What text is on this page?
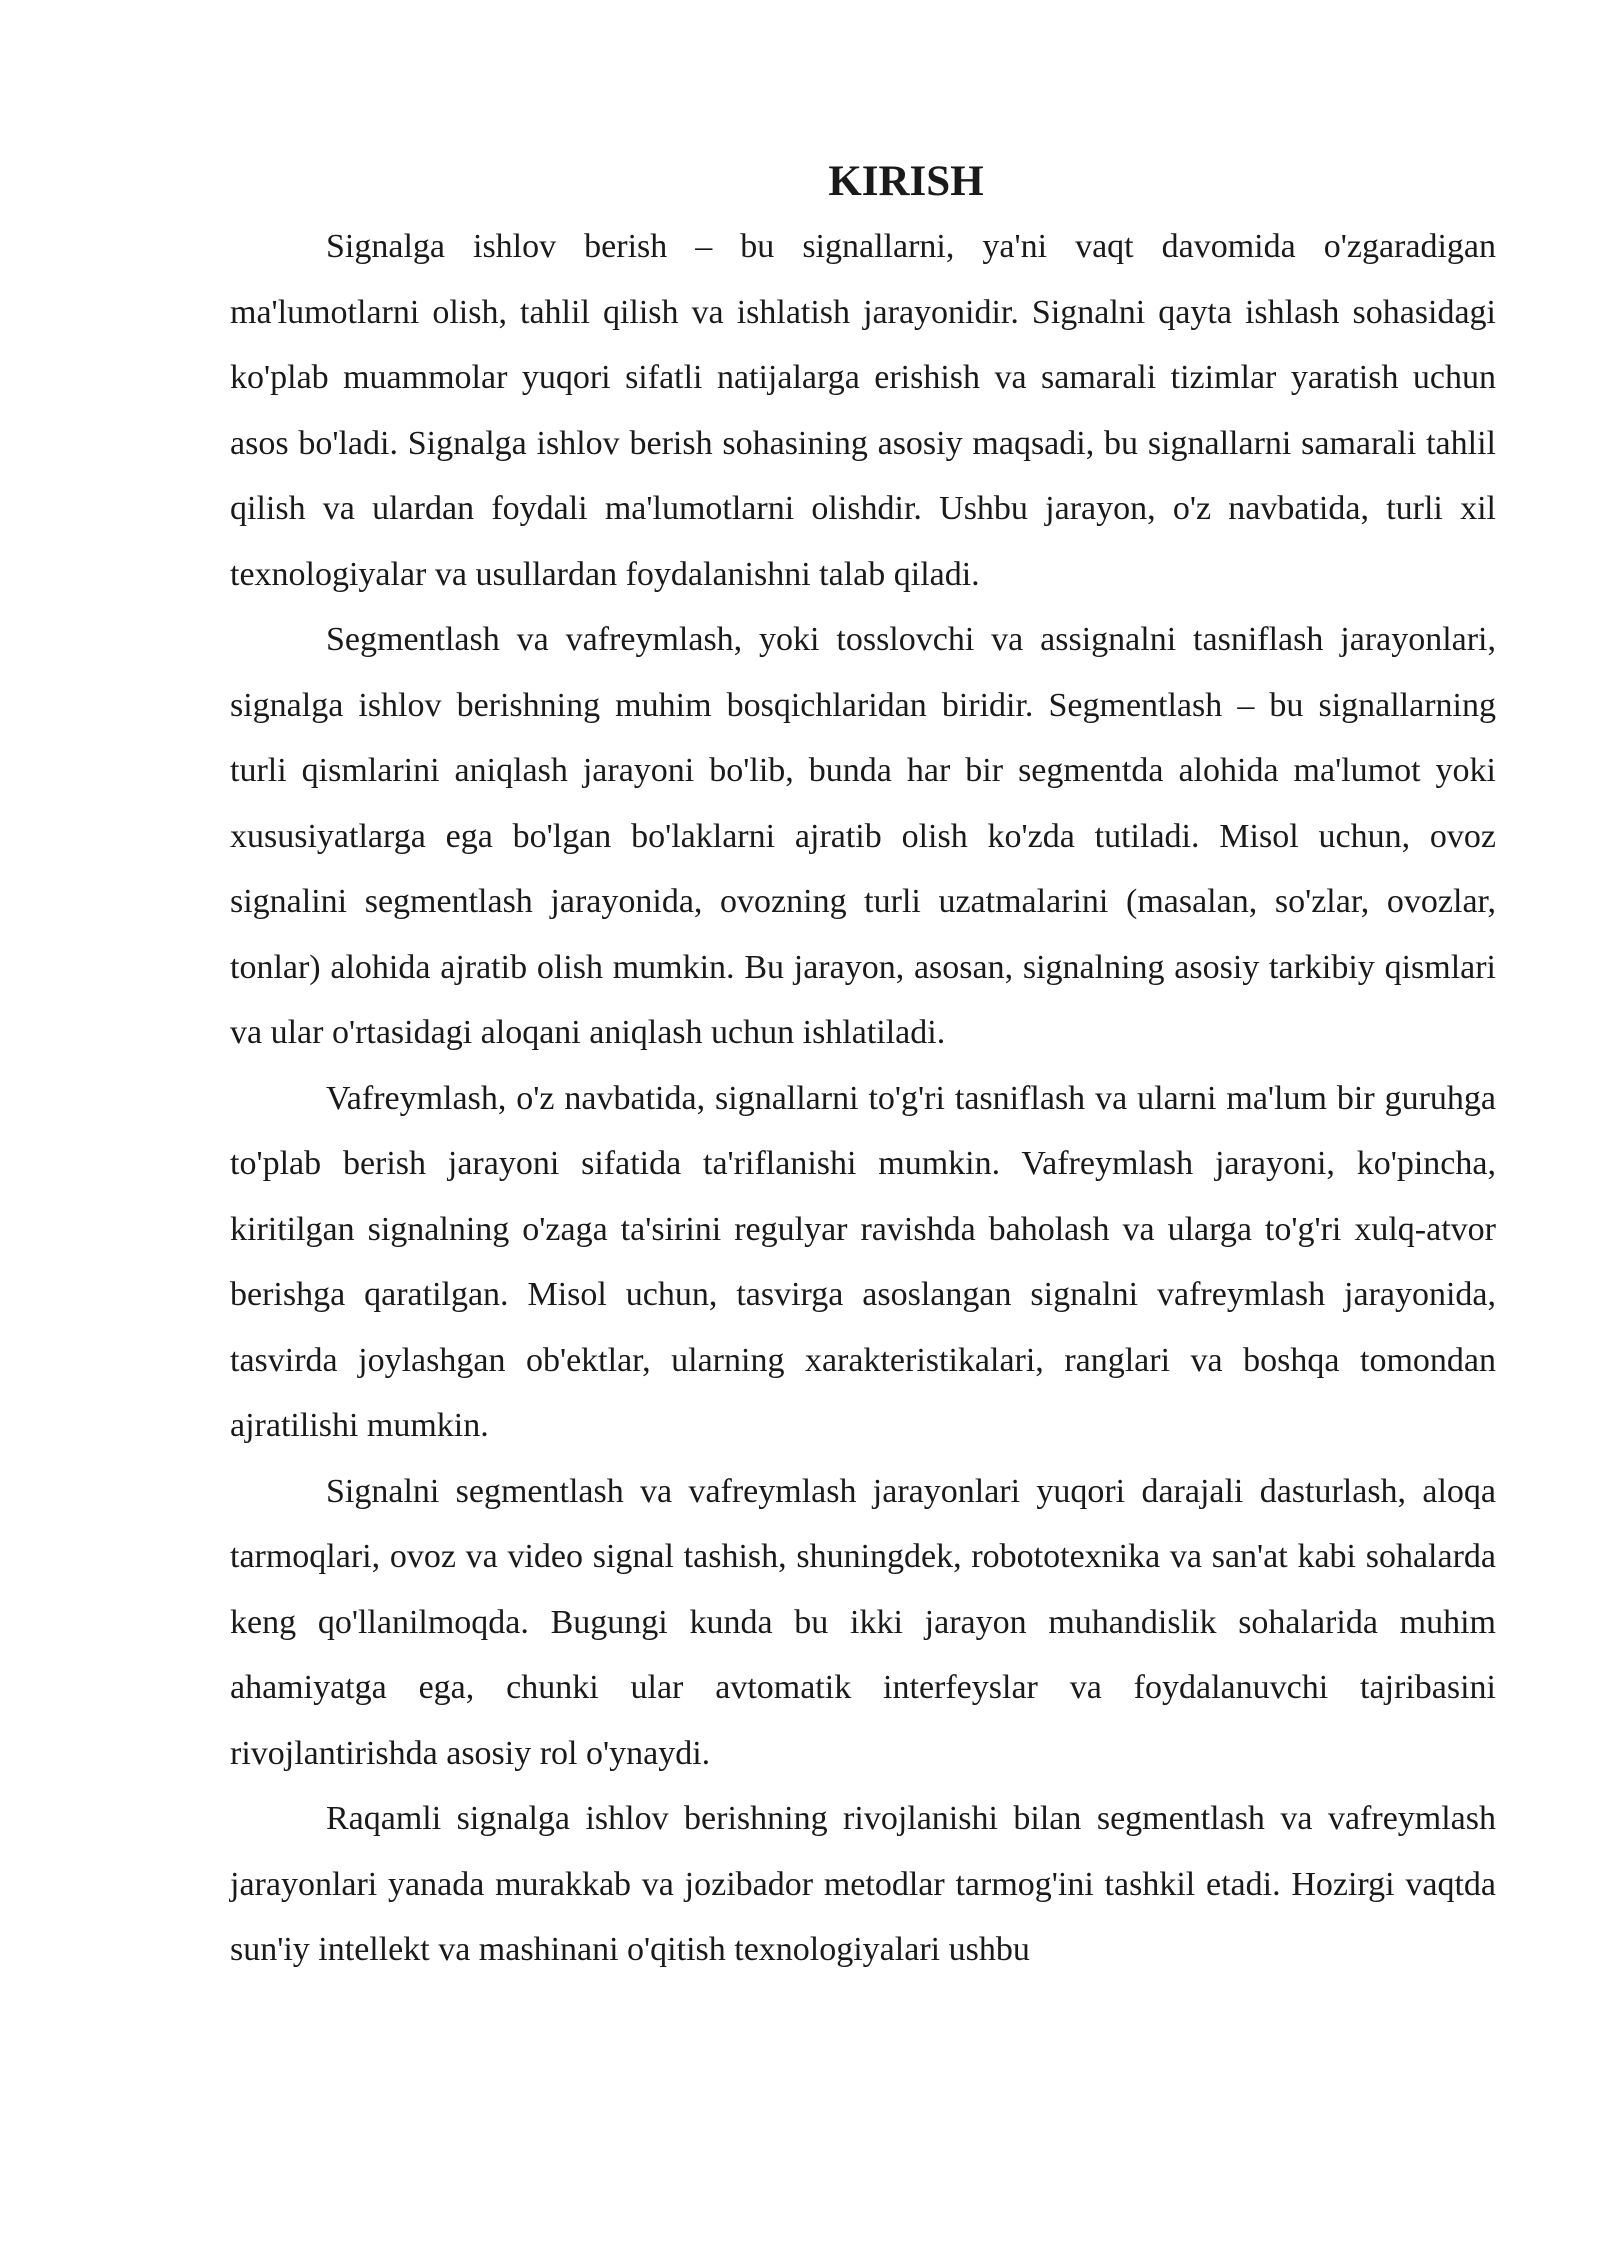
KIRISH

Signalga ishlov berish – bu signallarni, ya'ni vaqt davomida o'zgaradigan ma'lumotlarni olish, tahlil qilish va ishlatish jarayonidir. Signalni qayta ishlash sohasidagi ko'plab muammolar yuqori sifatli natijalarga erishish va samarali tizimlar yaratish uchun asos bo'ladi. Signalga ishlov berish sohasining asosiy maqsadi, bu signallarni samarali tahlil qilish va ulardan foydali ma'lumotlarni olishdir. Ushbu jarayon, o'z navbatida, turli xil texnologiyalar va usullardan foydalanishni talab qiladi.

Segmentlash va vafreymlash, yoki tosslovchi va assignalni tasniflash jarayonlari, signalga ishlov berishning muhim bosqichlaridan biridir. Segmentlash – bu signallarning turli qismlarini aniqlash jarayoni bo'lib, bunda har bir segmentda alohida ma'lumot yoki xususiyatlarga ega bo'lgan bo'laklarni ajratib olish ko'zda tutiladi. Misol uchun, ovoz signalini segmentlash jarayonida, ovozning turli uzatmalarini (masalan, so'zlar, ovozlar, tonlar) alohida ajratib olish mumkin. Bu jarayon, asosan, signalning asosiy tarkibiy qismlari va ular o'rtasidagi aloqani aniqlash uchun ishlatiladi.

Vafreymlash, o'z navbatida, signallarni to'g'ri tasniflash va ularni ma'lum bir guruhga to'plab berish jarayoni sifatida ta'riflanishi mumkin. Vafreymlash jarayoni, ko'pincha, kiritilgan signalning o'zaga ta'sirini regulyar ravishda baholash va ularga to'g'ri xulq-atvor berishga qaratilgan. Misol uchun, tasvirga asoslangan signalni vafreymlash jarayonida, tasvirda joylashgan ob'ektlar, ularning xarakteristikalari, ranglari va boshqa tomondan ajratilishi mumkin.

Signalni segmentlash va vafreymlash jarayonlari yuqori darajali dasturlash, aloqa tarmoqlari, ovoz va video signal tashish, shuningdek, robototexnika va san'at kabi sohalarda keng qo'llanilmoqda. Bugungi kunda bu ikki jarayon muhandislik sohalarida muhim ahamiyatga ega, chunki ular avtomatik interfeyslar va foydalanuvchi tajribasini rivojlantirishda asosiy rol o'ynaydi.

Raqamli signalga ishlov berishning rivojlanishi bilan segmentlash va vafreymlash jarayonlari yanada murakkab va jozibador metodlar tarmog'ini tashkil etadi. Hozirgi vaqtda sun'iy intellekt va mashinani o'qitish texnologiyalari ushbu
